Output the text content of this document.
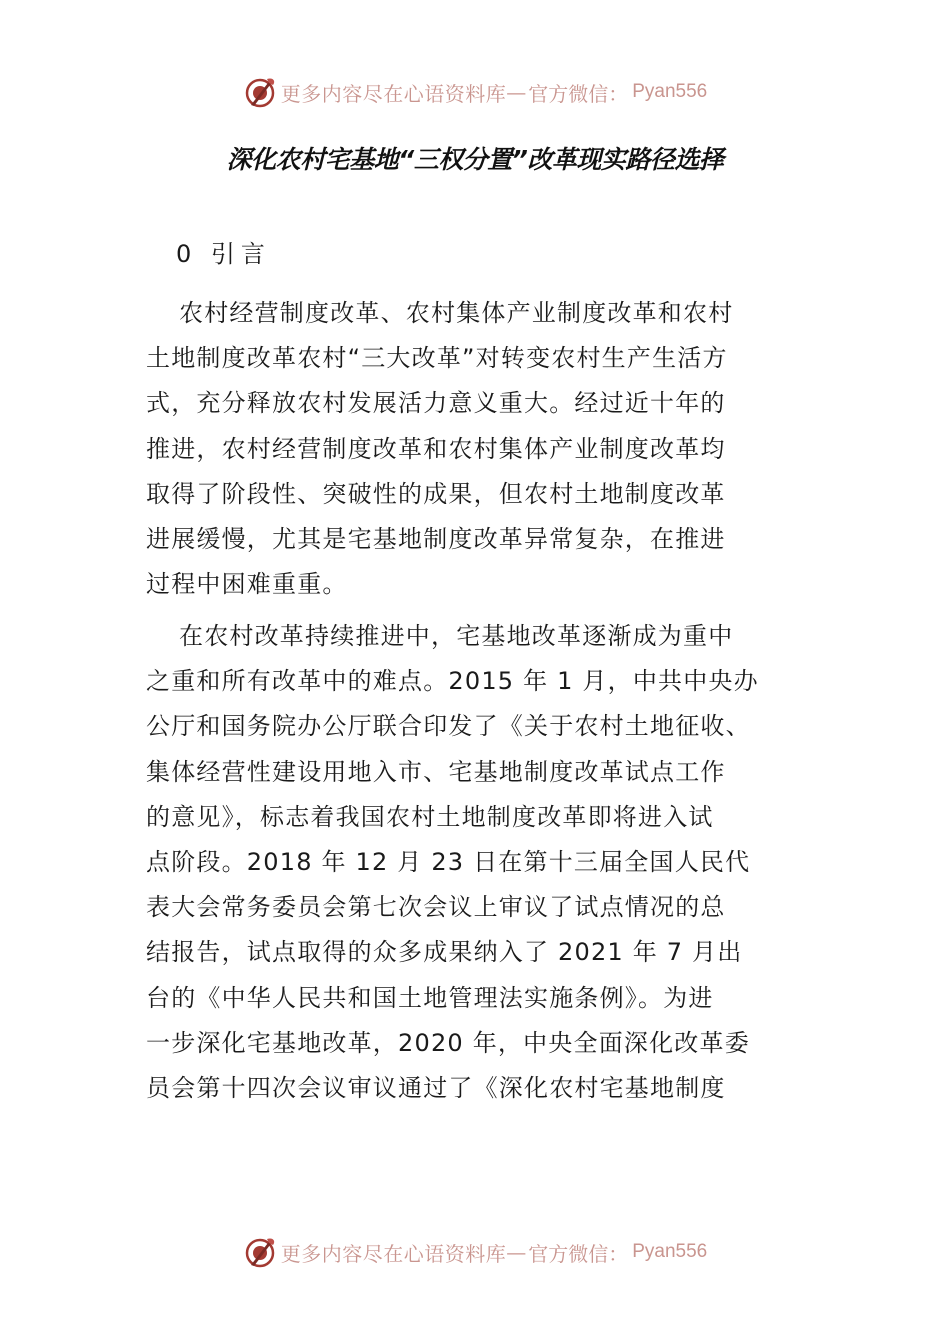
更多内容尽在心语资料库 — 官方微信： Pyan556
深化农村宅基地“三权分置”改革现实路径选择
0 引言
农村经营制度改革、农村集体产业制度改革和农村
土地制度改革农村“三大改革”对转变农村生产生活方
式，充分释放农村发展活力意义重大。经过近十年的
推进，农村经营制度改革和农村集体产业制度改革均
取得了阶段性、突破性的成果，但农村土地制度改革
进展缓慢，尤其是宅基地制度改革异常复杂，在推进
过程中困难重重。
在农村改革持续推进中，宅基地改革逐渐成为重中
之重和所有改革中的难点。2015 年 1 月，中共中央办
公厅和国务院办公厅联合印发了《关于农村土地征收、
集体经营性建设用地入市、宅基地制度改革试点工作
的意见》，标志着我国农村土地制度改革即将进入试
点阶段。2018 年 12 月 23 日在第十三届全国人民代
表大会常务委员会第七次会议上审议了试点情况的总
结报告，试点取得的众多成果纳入了 2021 年 7 月出
台的《中华人民共和国土地管理法实施条例》。为进
一步深化宅基地改革，2020 年，中央全面深化改革委
员会第十四次会议审议通过了《深化农村宅基地制度
更多内容尽在心语资料库 — 官方微信： Pyan556
